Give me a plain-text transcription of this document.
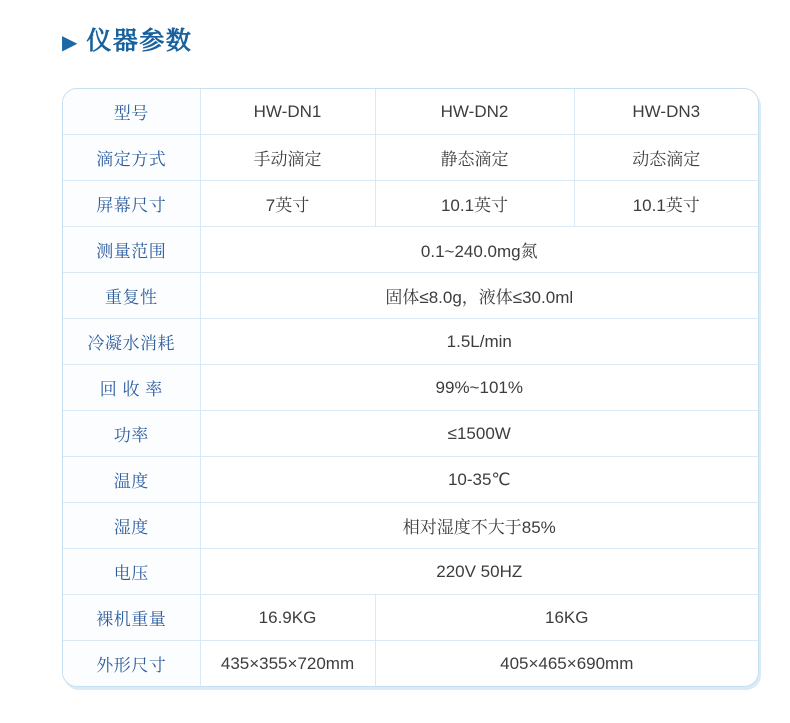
▶ 仪器参数
型号	HW-DN1	HW-DN2	HW-DN3
滴定方式	手动滴定	静态滴定	动态滴定
屏幕尺寸	7英寸	10.1英寸	10.1英寸
测量范围	0.1~240.0mg氮		
重复性	固体≤8.0g，液体≤30.0ml		
冷凝水消耗	1.5L/min		
回 收 率	99%~101%		
功率	≤1500W		
温度	10-35℃		
湿度	相对湿度不大于85%		
电压	220V 50HZ		
裸机重量	16.9KG	16KG	
外形尺寸	435×355×720mm	405×465×690mm	
